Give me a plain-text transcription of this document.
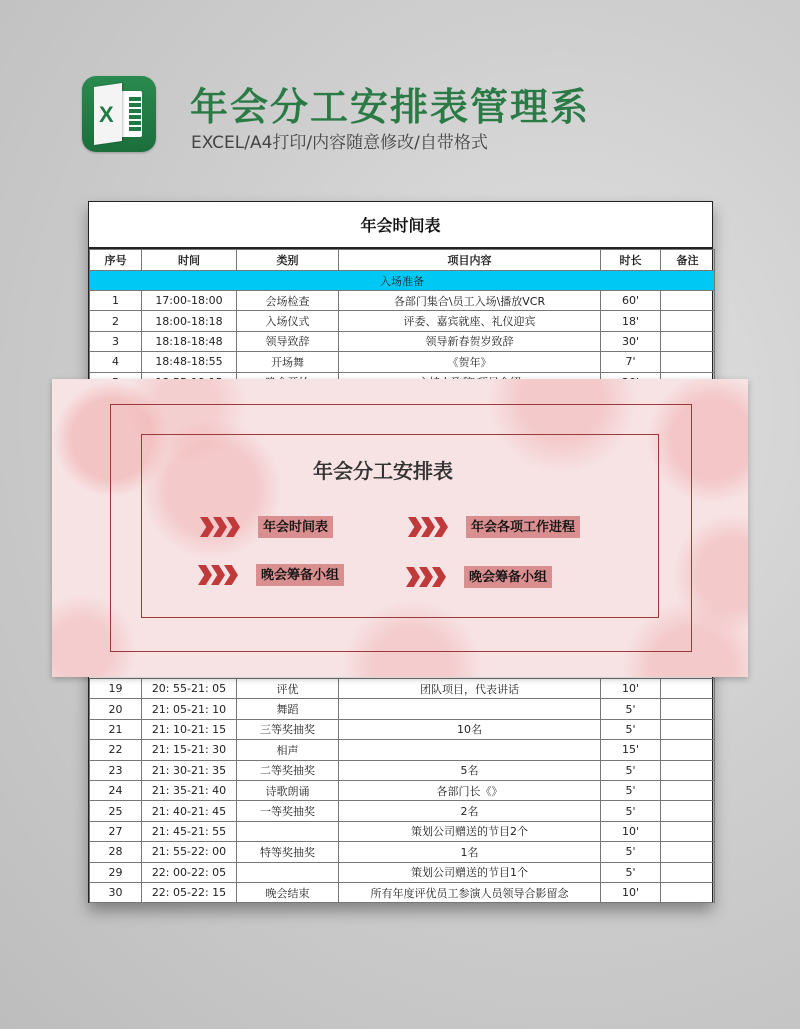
X 年会分工安排表管理系
EXCEL/A4打印/内容随意修改/自带格式
年会时间表
序号	时间	类别	项目内容	时长	备注
入场准备					
1	17:00-18:00	会场检查	各部门集合\员工入场\播放VCR	60'	
2	18:00-18:18	入场仪式	评委、嘉宾就座、礼仪迎宾	18'	
3	18:18-18:48	领导致辞	领导新春贺岁致辞	30'	
4	18:48-18:55	开场舞	《贺年》	7'	

19	20: 55-21: 05	评优	团队项目，代表讲话	10'	
20	21: 05-21: 10	舞蹈		5'	
21	21: 10-21: 15	三等奖抽奖	10名	5'	
22	21: 15-21: 30	相声		15'	
23	21: 30-21: 35	二等奖抽奖	5名	5'	
24	21: 35-21: 40	诗歌朗诵	各部门长《》	5'	
25	21: 40-21: 45	一等奖抽奖	2名	5'	
27	21: 45-21: 55		策划公司赠送的节目2个	10'	
28	21: 55-22: 00	特等奖抽奖	1名	5'	
29	22: 00-22: 05		策划公司赠送的节目1个	5'	
30	22: 05-22: 15	晚会结束	所有年度评优员工参演人员领导合影留念	10'	
年会分工安排表
年会时间表	年会各项工作进程
晚会筹备小组	晚会筹备小组
